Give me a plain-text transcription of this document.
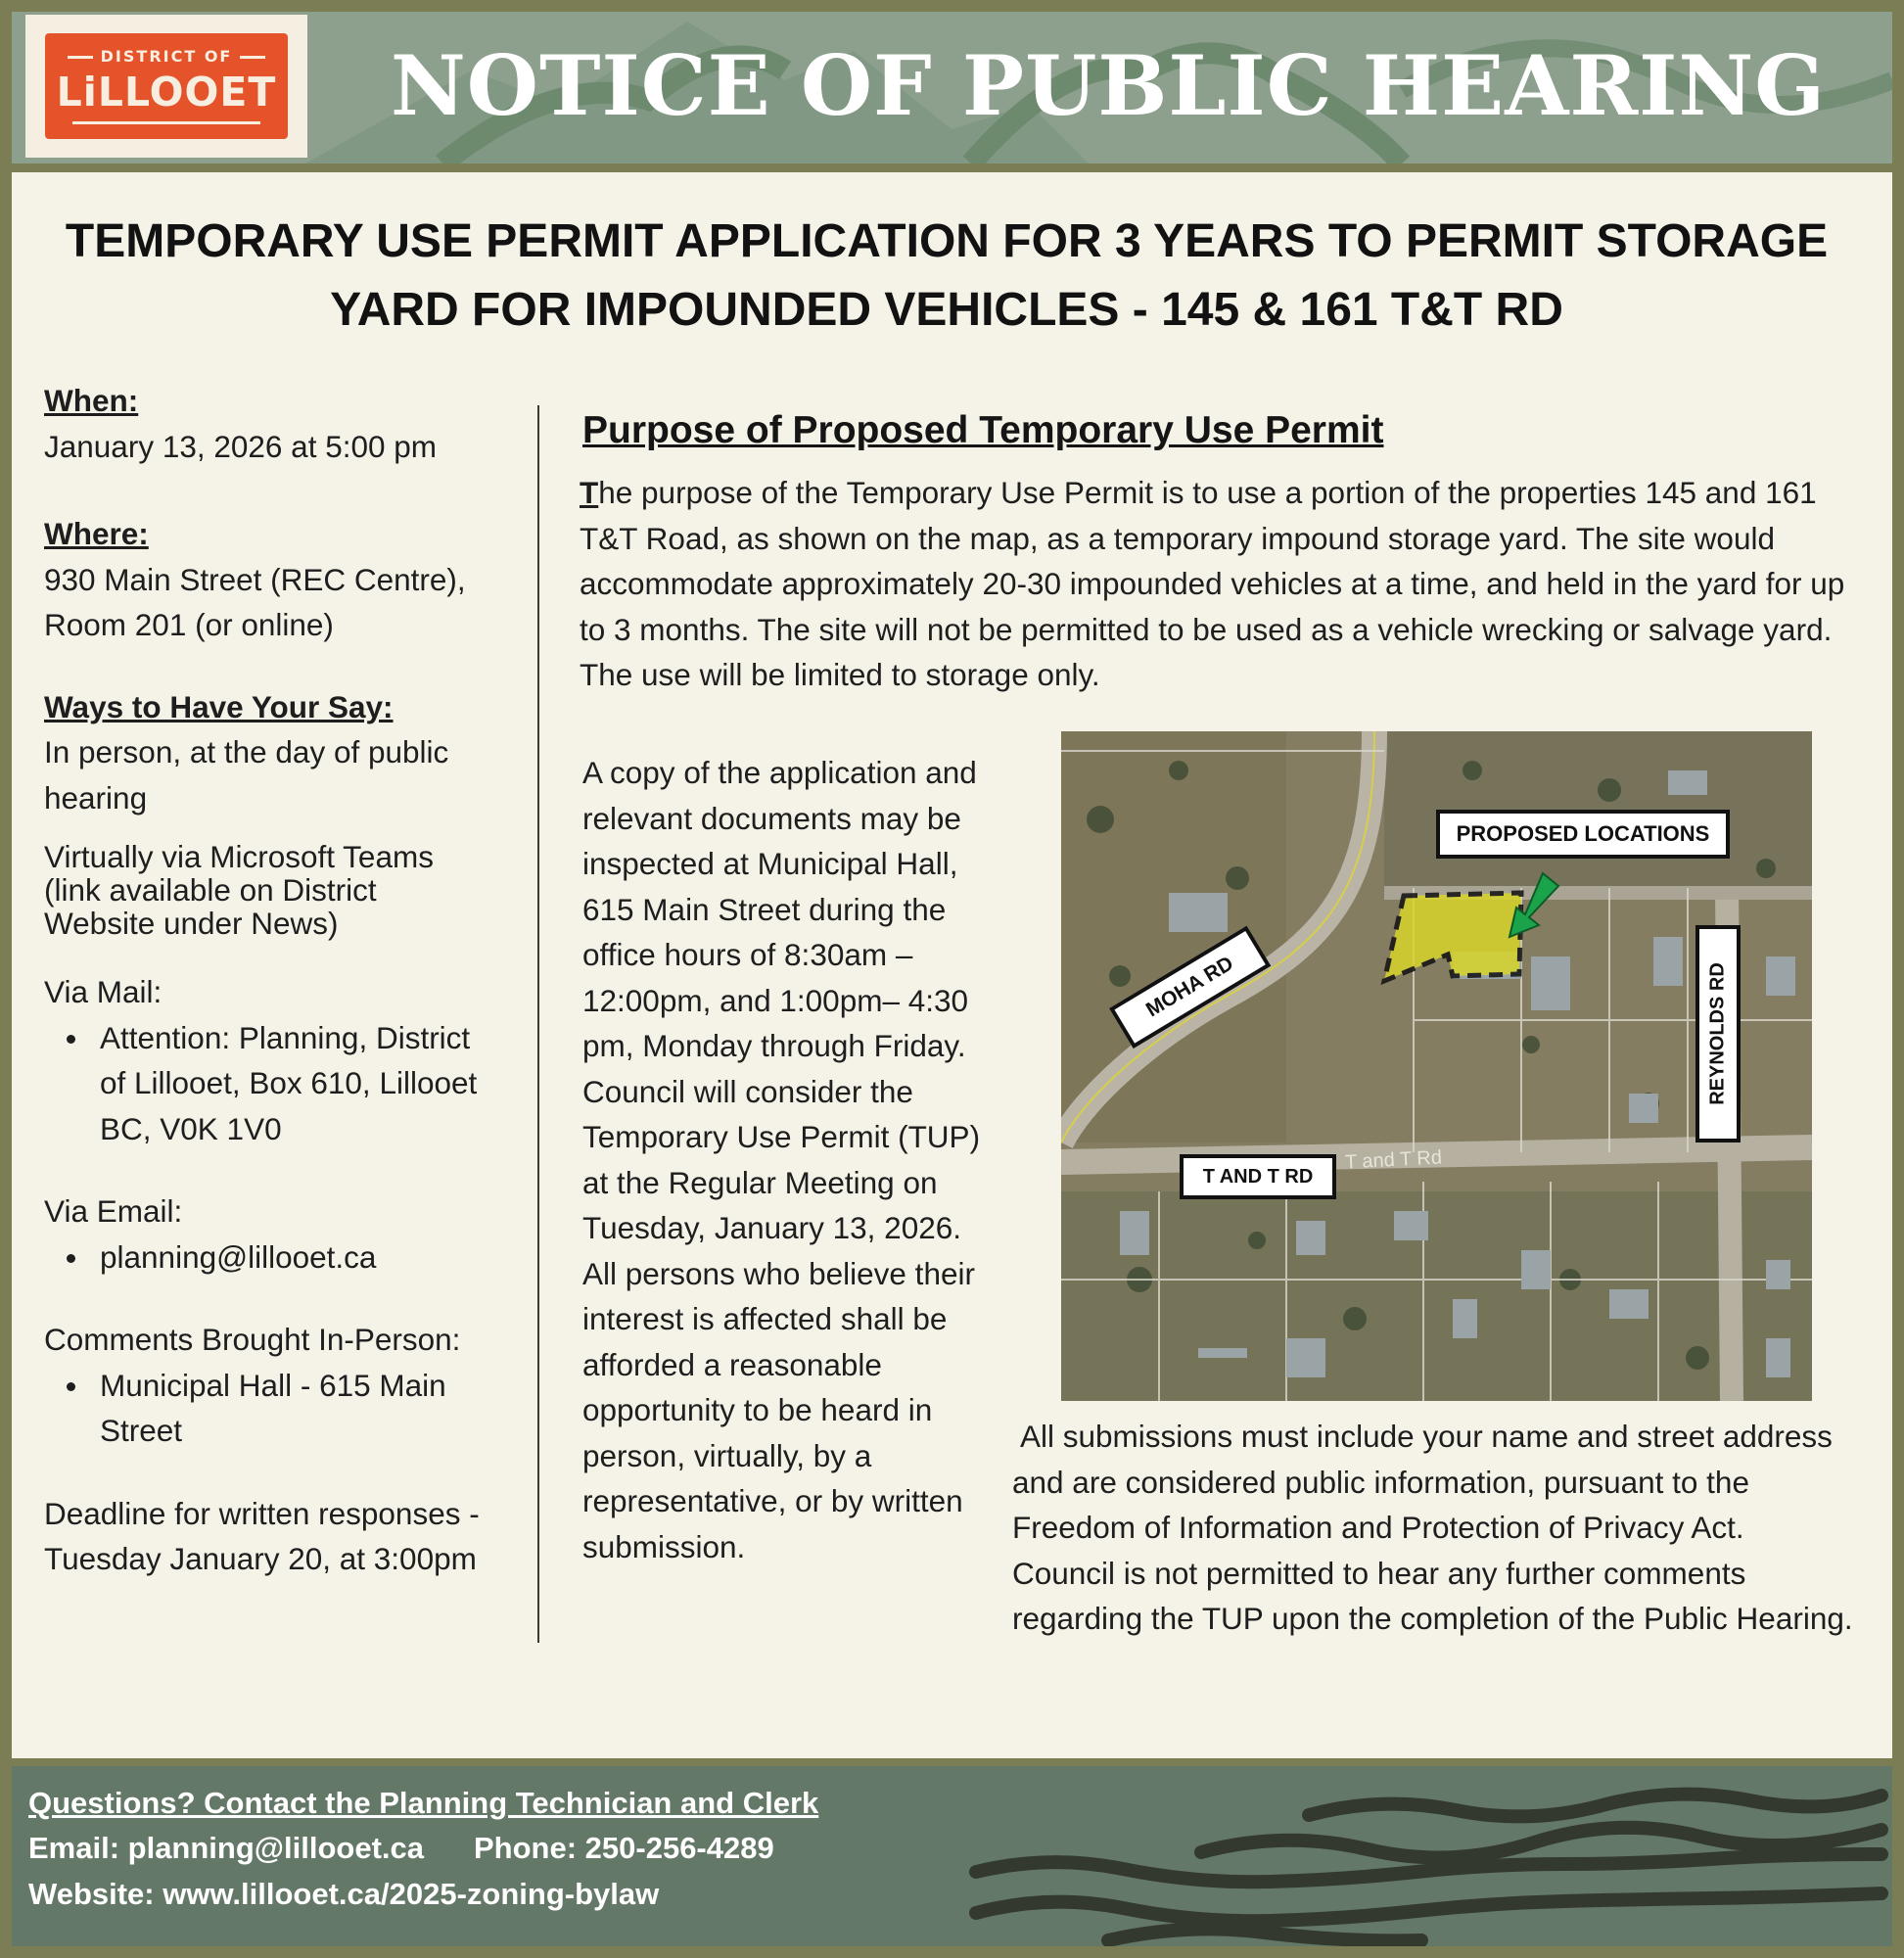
DISTRICT OF
LiLLOOET	NOTICE OF PUBLIC HEARING
TEMPORARY USE PERMIT APPLICATION FOR 3 YEARS TO PERMIT STORAGE
YARD FOR IMPOUNDED VEHICLES - 145 & 161 T&T RD
When:
January 13, 2026 at 5:00 pm
Where:
930 Main Street (REC Centre), Room 201 (or online)
Ways to Have Your Say:
In person, at the day of public hearing
Virtually via Microsoft Teams (link available on District Website under News)
Via Mail:
Attention: Planning, District of Lillooet, Box 610, Lillooet BC, V0K 1V0
Via Email:
planning@lillooet.ca
Comments Brought In-Person:
Municipal Hall - 615 Main Street
Deadline for written responses - Tuesday January 20, at 3:00pm
Purpose of Proposed Temporary Use Permit
The purpose of the Temporary Use Permit is to use a portion of the properties 145 and 161 T&T Road, as shown on the map, as a temporary impound storage yard. The site would accommodate approximately 20-30 impounded vehicles at a time, and held in the yard for up to 3 months. The site will not be permitted to be used as a vehicle wrecking or salvage yard. The use will be limited to storage only.
A copy of the application and relevant documents may be inspected at Municipal Hall, 615 Main Street during the office hours of 8:30am – 12:00pm, and 1:00pm– 4:30 pm, Monday through Friday. Council will consider the Temporary Use Permit (TUP) at the Regular Meeting on Tuesday, January 13, 2026. All persons who believe their interest is affected shall be afforded a reasonable opportunity to be heard in person, virtually, by a representative, or by written submission.
PROPOSED LOCATIONS
MOHA RD
T AND T RD
REYNOLDS RD
T and T Rd
All submissions must include your name and street address and are considered public information, pursuant to the Freedom of Information and Protection of Privacy Act.
Council is not permitted to hear any further comments regarding the TUP upon the completion of the Public Hearing.
Questions? Contact the Planning Technician and Clerk
Email: planning@lillooet.ca Phone: 250-256-4289
Website: www.lillooet.ca/2025-zoning-bylaw
